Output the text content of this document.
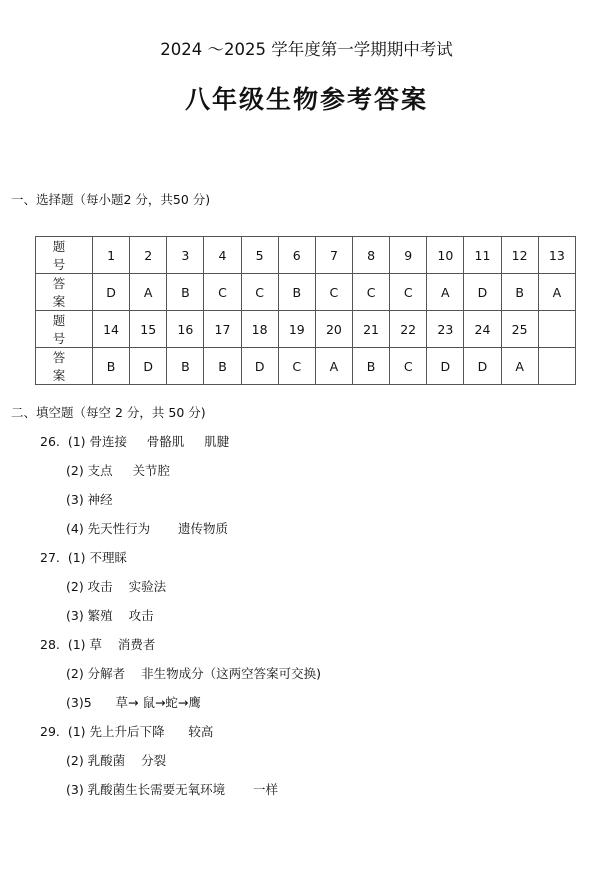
2024 ～2025 学年度第一学期期中考试
八年级生物参考答案
一、选择题（每小题2 分，共50 分)
题 号	1	2	3	4	5	6	7	8	9	10	11	12	13
答 案	D	A	B	C	C	B	C	C	C	A	D	B	A
题 号	14	15	16	17	18	19	20	21	22	23	24	25	
答 案	B	D	B	B	D	C	A	B	C	D	D	A	
二、填空题（每空 2 分，共 50 分)
26.  (1) 骨连接     骨骼肌     肌腱
(2) 支点     关节腔
(3) 神经
(4) 先天性行为       遗传物质
27.  (1) 不理睬
(2) 攻击    实验法
(3) 繁殖    攻击
28.  (1) 草    消费者
(2) 分解者    非生物成分（这两空答案可交换)
(3)5      草→ 鼠→蛇→鹰
29.  (1) 先上升后下降      较高
(2) 乳酸菌    分裂
(3) 乳酸菌生长需要无氧环境       一样
